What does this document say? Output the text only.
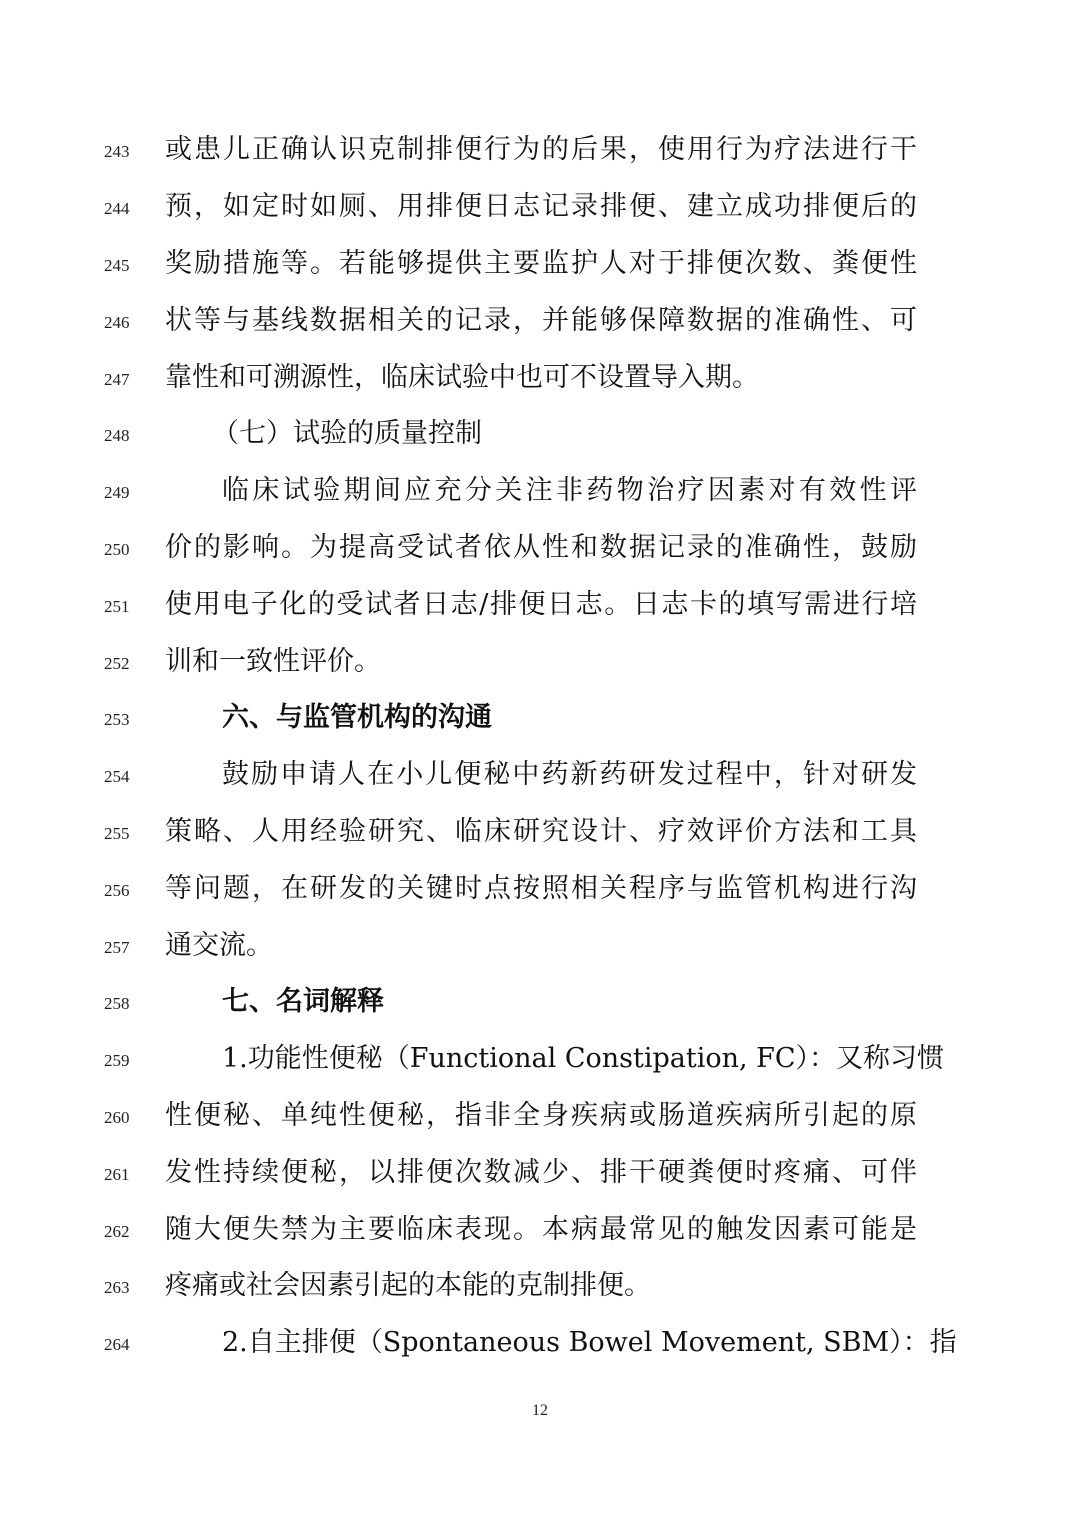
243 或患儿正确认识克制排便行为的后果，使用行为疗法进行干
244 预，如定时如厕、用排便日志记录排便、建立成功排便后的
245 奖励措施等。若能够提供主要监护人对于排便次数、粪便性
246 状等与基线数据相关的记录，并能够保障数据的准确性、可
247 靠性和可溯源性，临床试验中也可不设置导入期。
248	（七）试验的质量控制
249	临床试验期间应充分关注非药物治疗因素对有效性评
250 价的影响。为提高受试者依从性和数据记录的准确性，鼓励
251 使用电子化的受试者日志/排便日志。日志卡的填写需进行培
252 训和一致性评价。
253	六、与监管机构的沟通
254	鼓励申请人在小儿便秘中药新药研发过程中，针对研发
255 策略、人用经验研究、临床研究设计、疗效评价方法和工具
256 等问题，在研发的关键时点按照相关程序与监管机构进行沟
257 通交流。
258	七、名词解释
259	1.功能性便秘（Functional Constipation, FC）：又称习惯
260 性便秘、单纯性便秘，指非全身疾病或肠道疾病所引起的原
261 发性持续便秘，以排便次数减少、排干硬粪便时疼痛、可伴
262 随大便失禁为主要临床表现。本病最常见的触发因素可能是
263 疼痛或社会因素引起的本能的克制排便。
264	2.自主排便（Spontaneous Bowel Movement, SBM）：指
12
